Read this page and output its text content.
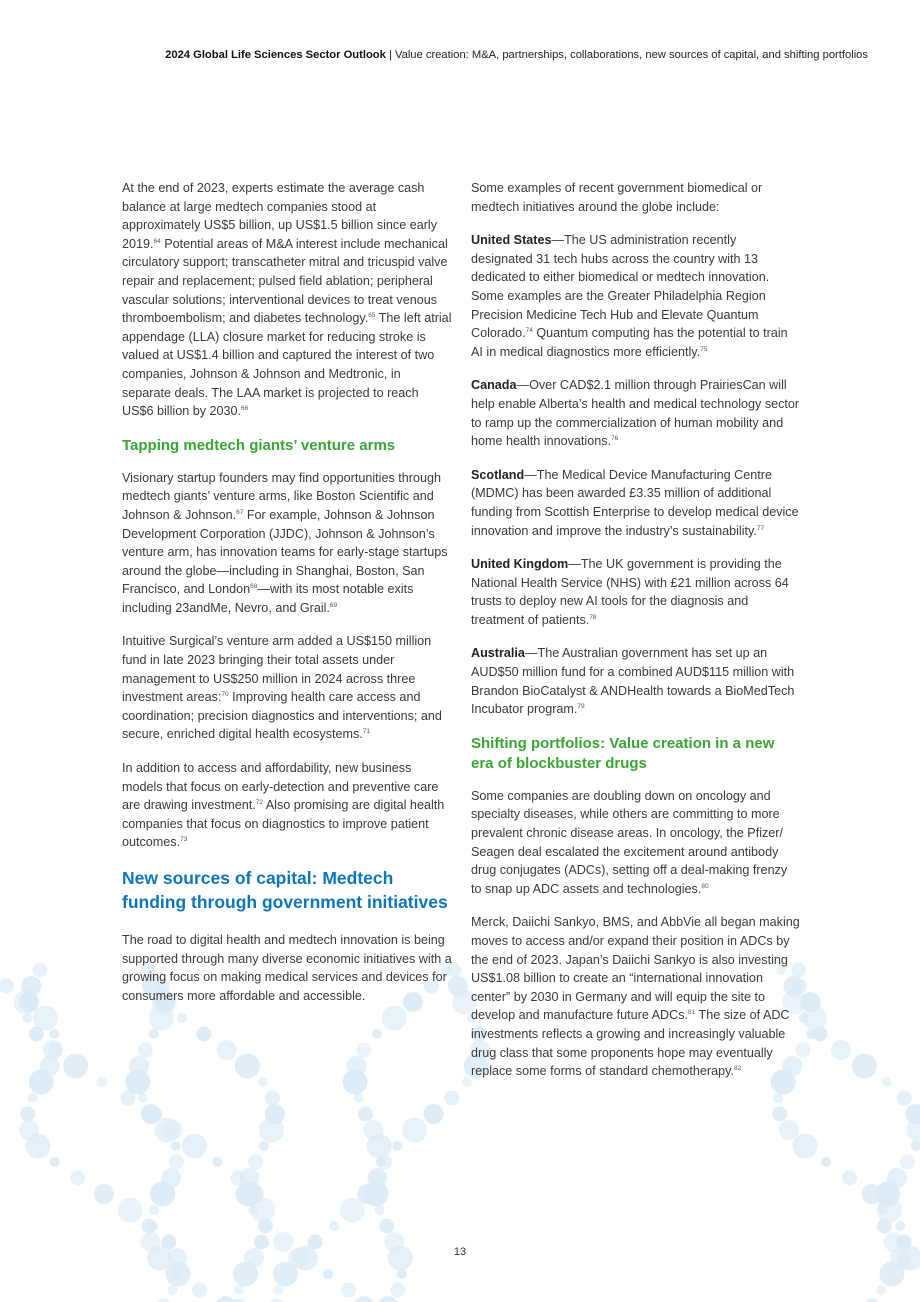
2024 Global Life Sciences Sector Outlook | Value creation: M&A, partnerships, collaborations, new sources of capital, and shifting portfolios

At the end of 2023, experts estimate the average cash balance at large medtech companies stood at approximately US$5 billion, up US$1.5 billion since early 2019.64 Potential areas of M&A interest include mechanical circulatory support; transcatheter mitral and tricuspid valve repair and replacement; pulsed field ablation; peripheral vascular solutions; interventional devices to treat venous thromboembolism; and diabetes technology.$^{65}$ The left atrial appendage (LLA) closure market for reducing stroke is valued at US$1.4 billion and captured the interest of two companies, Johnson & Johnson and Medtronic, in separate deals. The LAA market is projected to reach US$6 billion by 2030.66

Tapping medtech giants’ venture arms

Visionary startup founders may find opportunities through medtech giants’ venture arms, like Boston Scientific and Johnson & Johnson.$^{67}$ For example, Johnson & Johnson Development Corporation (JJDC), Johnson & Johnson’s venture arm, has innovation teams for early-stage startups around the globe—including in Shanghai, Boston, San Francisco, and London$^{68}$—with its most notable exits including 23andMe, Nevro, and Grail.$^{69}$

Intuitive Surgical’s venture arm added a US$150 million fund in late 2023 bringing their total assets under management to US$250 million in 2024 across three investment areas:$^{70}$ Improving health care access and coordination; precision diagnostics and interventions; and secure, enriched digital health ecosystems.$^{71}$

In addition to access and affordability, new business models that focus on early-detection and preventive care are drawing investment.$^{72}$ Also promising are digital health companies that focus on diagnostics to improve patient outcomes.$^{73}$

New sources of capital: Medtech funding through government initiatives

The road to digital health and medtech innovation is being supported through many diverse economic initiatives with a growing focus on making medical services and devices for consumers more affordable and accessible.

Some examples of recent government biomedical or medtech initiatives around the globe include:

United States—The US administration recently designated 31 tech hubs across the country with 13 dedicated to either biomedical or medtech innovation. Some examples are the Greater Philadelphia Region Precision Medicine Tech Hub and Elevate Quantum Colorado.$^{74}$ Quantum computing has the potential to train AI in medical diagnostics more efficiently.$^{75}$

Canada—Over CAD$2.1 million through PrairiesCan will help enable Alberta’s health and medical technology sector to ramp up the commercialization of human mobility and home health innovations.$^{76}$

Scotland—The Medical Device Manufacturing Centre (MDMC) has been awarded £3.35 million of additional funding from Scottish Enterprise to develop medical device innovation and improve the industry’s sustainability.$^{77}$

United Kingdom—The UK government is providing the National Health Service (NHS) with £21 million across 64 trusts to deploy new AI tools for the diagnosis and treatment of patients.$^{78}$

Australia—The Australian government has set up an AUD$50 million fund for a combined AUD$115 million with Brandon BioCatalyst & ANDHealth towards a BioMedTech Incubator program.$^{79}$

Shifting portfolios: Value creation in a new era of blockbuster drugs

Some companies are doubling down on oncology and specialty diseases, while others are committing to more prevalent chronic disease areas. In oncology, the Pfizer/ Seagen deal escalated the excitement around antibody drug conjugates (ADCs), setting off a deal-making frenzy to snap up ADC assets and technologies.$^{80}$

Merck, Daiichi Sankyo, BMS, and AbbVie all began making moves to access and/or expand their position in ADCs by the end of 2023. Japan’s Daiichi Sankyo is also investing US$1.08 billion to create an “international innovation center” by 2030 in Germany and will equip the site to develop and manufacture future ADCs.$^{81}$ The size of ADC investments reflects a growing and increasingly valuable drug class that some proponents hope may eventually replace some forms of standard chemotherapy.$^{82}$

13
